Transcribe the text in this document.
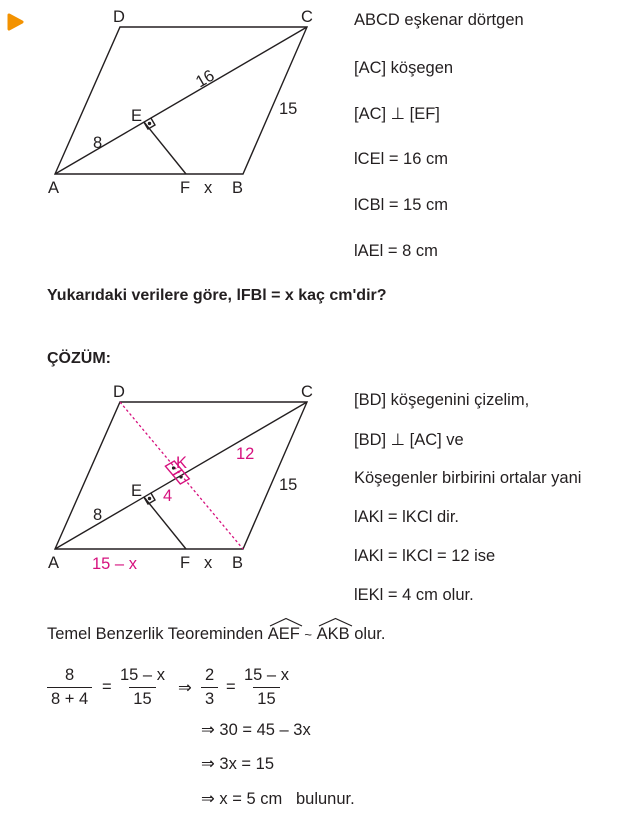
A	B
C
D
E
F x
15
8
16
ABCD eşkenar dörtgen
[AC] köşegen
[AC] ⊥ [EF]
lCEl = 16 cm
lCBl = 15 cm
lAEl = 8 cm
Yukarıdaki verilere göre, lFBl = x kaç cm'dir?
ÇÖZÜM:
A	B
C
D
E
F x
15
8
K
4
12
15 – x
[BD] köşegenini çizelim,
[BD] ⊥ [AC] ve
Köşegenler birbirini ortalar yani
lAKl = lKCl dir.
lAKl = lKCl = 12 ise
lEKl = 4 cm olur.
Temel Benzerlik Teoreminden
AEF ~ AKB olur.
$\frac{8}{8 + 4} = \frac{15 - x}{15}$ ⇒ $\frac{2}{3} = \frac{15 - x}{15}$
⇒ 30 = 45 – 3x
⇒ 3x = 15
⇒ x = 5 cm   bulunur.
